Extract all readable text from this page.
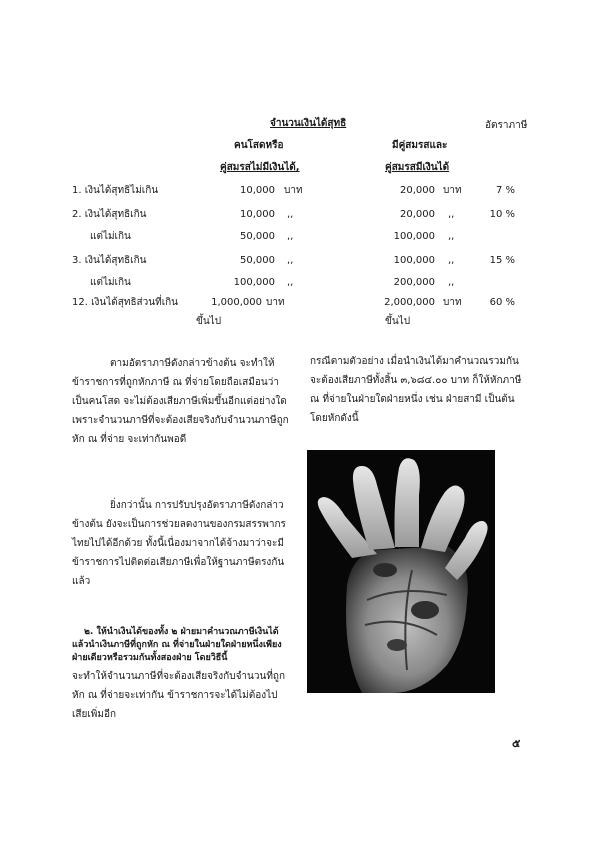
จำนวนเงินได้สุทธิ	อัตราภาษี
คนโสดหรือ
คู่สมรสไม่มีเงินได้,
มีคู่สมรสและ
คู่สมรสมีเงินได้
1. เงินได้สุทธิไม่เกิน	10,000 บาท	20,000 บาท	7 %
2. เงินได้สุทธิเกิน	10,000 ,,	20,000 ,,	10 %
แต่ไม่เกิน	50,000 ,,	100,000 ,,
3. เงินได้สุทธิเกิน	50,000 ,,	100,000 ,,	15 %
แต่ไม่เกิน	100,000 ,,	200,000 ,,
12. เงินได้สุทธิส่วนที่เกิน	1,000,000 บาท	2,000,000 บาท	60 %
ขึ้นไป	ขึ้นไป
ตามอัตราภาษีดังกล่าวข้างต้น จะทำให้ข้าราชการที่ถูกหักภาษี ณ ที่จ่ายโดยถือเสมือนว่า เป็นคนโสด จะไม่ต้องเสียภาษีเพิ่มขึ้นอีกแต่อย่างใด เพราะจำนวนภาษีที่จะต้องเสียจริงกับจำนวนภาษีถูกหัก ณ ที่จ่าย จะเท่ากันพอดี
ยิ่งกว่านั้น การปรับปรุงอัตราภาษีดังกล่าวข้างต้น ยังจะเป็นการช่วยลดงานของกรมสรรพากรไทยไปได้อีกด้วย ทั้งนี้เนื่องมาจากได้จ้างมาว่าจะมีข้าราชการไปติดต่อเสียภาษีเพื่อให้ฐานภาษีตรงกันแล้ว
๒. ให้นำเงินได้ของทั้ง ๒ ฝ่ายมาคำนวณภาษีเงินได้ แล้วนำเงินภาษีที่ถูกหัก ณ ที่จ่ายในฝ่ายใดฝ่ายหนึ่งเพียงฝ่ายเดียวหรือรวมกันทั้งสองฝ่าย โดยวิธีนี้
จะทำให้จำนวนภาษีที่จะต้องเสียจริงกับจำนวนที่ถูกหัก ณ ที่จ่ายจะเท่ากัน ข้าราชการจะได้ไม่ต้องไปเสียเพิ่มอีก
กรณีตามตัวอย่าง เมื่อนำเงินได้มาคำนวณรวมกัน จะต้องเสียภาษีทั้งสิ้น ๓,๖๘๔.๐๐ บาท ก็ให้หักภาษี ณ ที่จ่ายในฝ่ายใดฝ่ายหนึ่ง เช่น ฝ่ายสามี เป็นต้น โดยหักดังนี้
๕
